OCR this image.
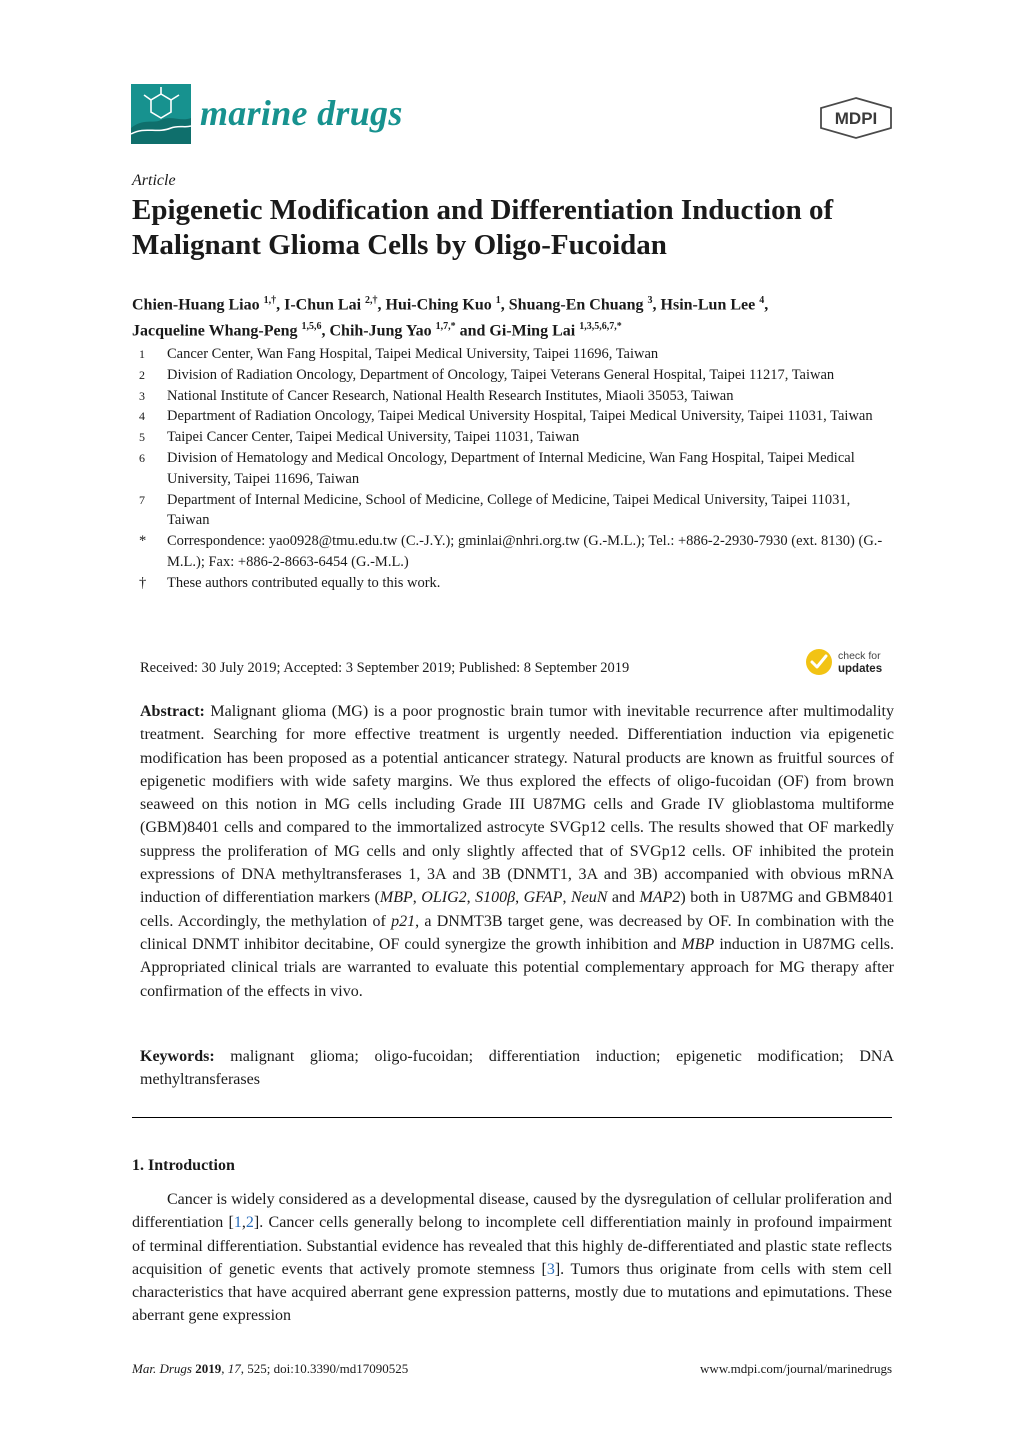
marine drugs	MDPI
Article
Epigenetic Modification and Differentiation Induction of Malignant Glioma Cells by Oligo-Fucoidan
Chien-Huang Liao $^{1,\dagger}$, I-Chun Lai $^{2,\dagger}$, Hui-Ching Kuo $^1$, Shuang-En Chuang $^3$, Hsin-Lun Lee $^4$,
Jacqueline Whang-Peng $^{1,5,6}$, Chih-Jung Yao $^{1,7,*}$ and Gi-Ming Lai $^{1,3,5,6,7,*}$
1	Cancer Center, Wan Fang Hospital, Taipei Medical University, Taipei 11696, Taiwan
2	Division of Radiation Oncology, Department of Oncology, Taipei Veterans General Hospital, Taipei 11217, Taiwan
3	National Institute of Cancer Research, National Health Research Institutes, Miaoli 35053, Taiwan
4	Department of Radiation Oncology, Taipei Medical University Hospital, Taipei Medical University, Taipei 11031, Taiwan
5	Taipei Cancer Center, Taipei Medical University, Taipei 11031, Taiwan
6	Division of Hematology and Medical Oncology, Department of Internal Medicine, Wan Fang Hospital, Taipei Medical University, Taipei 11696, Taiwan
7	Department of Internal Medicine, School of Medicine, College of Medicine, Taipei Medical University, Taipei 11031, Taiwan
*	Correspondence: yao0928@tmu.edu.tw (C.-J.Y.); gminlai@nhri.org.tw (G.-M.L.); Tel.: +886-2-2930-7930 (ext. 8130) (G.-M.L.); Fax: +886-2-8663-6454 (G.-M.L.)
†	These authors contributed equally to this work.
Received: 30 July 2019; Accepted: 3 September 2019; Published: 8 September 2019
check for
updates
Abstract: Malignant glioma (MG) is a poor prognostic brain tumor with inevitable recurrence after multimodality treatment. Searching for more effective treatment is urgently needed. Differentiation induction via epigenetic modification has been proposed as a potential anticancer strategy. Natural products are known as fruitful sources of epigenetic modifiers with wide safety margins. We thus explored the effects of oligo-fucoidan (OF) from brown seaweed on this notion in MG cells including Grade III U87MG cells and Grade IV glioblastoma multiforme (GBM)8401 cells and compared to the immortalized astrocyte SVGp12 cells. The results showed that OF markedly suppress the proliferation of MG cells and only slightly affected that of SVGp12 cells. OF inhibited the protein expressions of DNA methyltransferases 1, 3A and 3B (DNMT1, 3A and 3B) accompanied with obvious mRNA induction of differentiation markers (MBP, OLIG2, S100β, GFAP, NeuN and MAP2) both in U87MG and GBM8401 cells. Accordingly, the methylation of p21, a DNMT3B target gene, was decreased by OF. In combination with the clinical DNMT inhibitor decitabine, OF could synergize the growth inhibition and MBP induction in U87MG cells. Appropriated clinical trials are warranted to evaluate this potential complementary approach for MG therapy after confirmation of the effects in vivo.
Keywords: malignant glioma; oligo-fucoidan; differentiation induction; epigenetic modification; DNA methyltransferases
1. Introduction
Cancer is widely considered as a developmental disease, caused by the dysregulation of cellular proliferation and differentiation [1,2]. Cancer cells generally belong to incomplete cell differentiation mainly in profound impairment of terminal differentiation. Substantial evidence has revealed that this highly de-differentiated and plastic state reflects acquisition of genetic events that actively promote stemness [3]. Tumors thus originate from cells with stem cell characteristics that have acquired aberrant gene expression patterns, mostly due to mutations and epimutations. These aberrant gene expression
Mar. Drugs 2019, 17, 525; doi:10.3390/md17090525	www.mdpi.com/journal/marinedrugs
